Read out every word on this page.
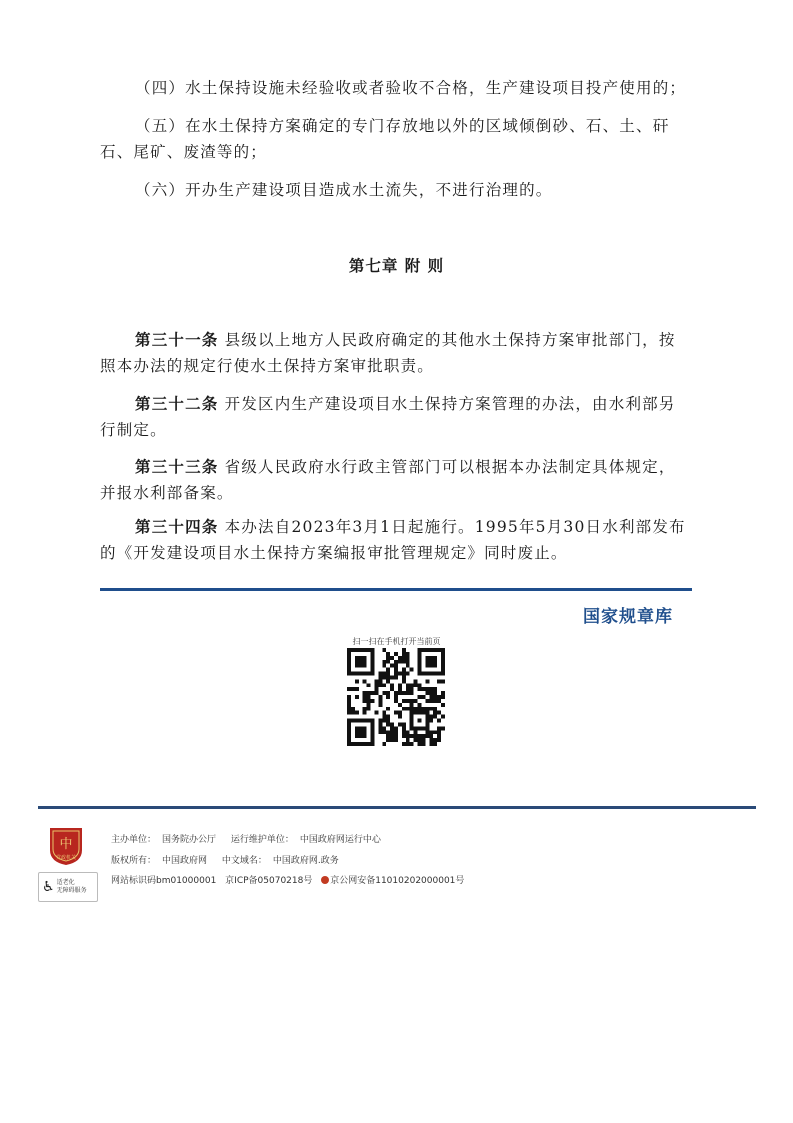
（四）水土保持设施未经验收或者验收不合格，生产建设项目投产使用的；

（五）在水土保持方案确定的专门存放地以外的区域倾倒砂、石、土、矸石、尾矿、废渣等的；

（六）开办生产建设项目造成水土流失，不进行治理的。

第七章 附 则

第三十一条 县级以上地方人民政府确定的其他水土保持方案审批部门，按照本办法的规定行使水土保持方案审批职责。

第三十二条 开发区内生产建设项目水土保持方案管理的办法，由水利部另行制定。

第三十三条 省级人民政府水行政主管部门可以根据本办法制定具体规定，并报水利部备案。

第三十四条 本办法自2023年3月1日起施行。1995年5月30日水利部发布的《开发建设项目水土保持方案编报审批管理规定》同时废止。

国家规章库
扫一扫在手机打开当前页
中
党政机关
♿ 适老化
无障碍服务
主办单位： 国务院办公厅 运行维护单位： 中国政府网运行中心
版权所有： 中国政府网 中文域名： 中国政府网.政务
网站标识码bm01000001 京ICP备05070218号 京公网安备11010202000001号
